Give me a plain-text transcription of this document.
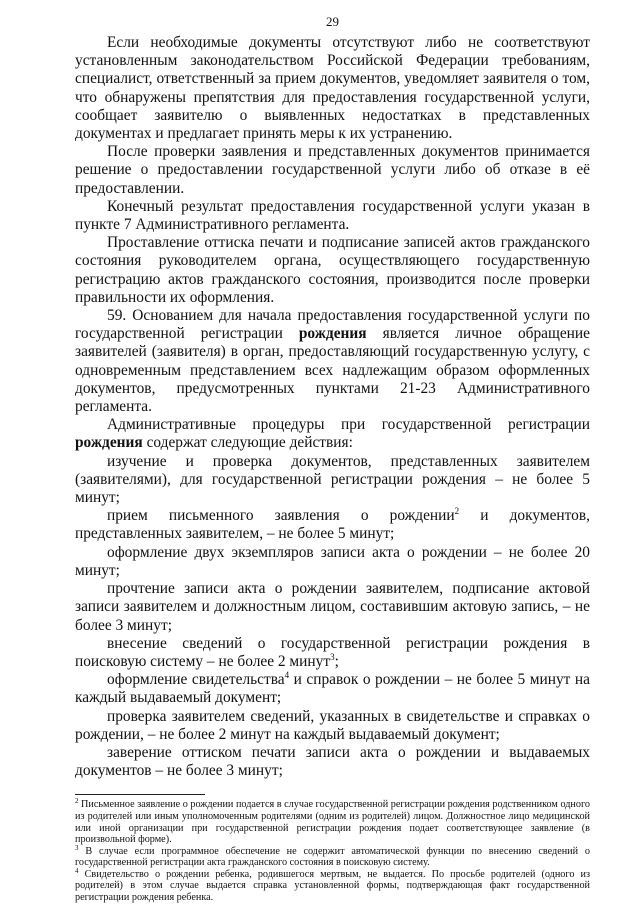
29

Если необходимые документы отсутствуют либо не соответствуют установленным законодательством Российской Федерации требованиям, специалист, ответственный за прием документов, уведомляет заявителя о том, что обнаружены препятствия для предоставления государственной услуги, сообщает заявителю о выявленных недостатках в представленных документах и предлагает принять меры к их устранению.

После проверки заявления и представленных документов принимается решение о предоставлении государственной услуги либо об отказе в её предоставлении.

Конечный результат предоставления государственной услуги указан в пункте 7 Административного регламента.

Проставление оттиска печати и подписание записей актов гражданского состояния руководителем органа, осуществляющего государственную регистрацию актов гражданского состояния, производится после проверки правильности их оформления.

59. Основанием для начала предоставления государственной услуги по государственной регистрации рождения является личное обращение заявителей (заявителя) в орган, предоставляющий государственную услугу, с одновременным представлением всех надлежащим образом оформленных документов, предусмотренных пунктами 21-23 Административного регламента.

Административные процедуры при государственной регистрации рождения содержат следующие действия:

изучение и проверка документов, представленных заявителем (заявителями), для государственной регистрации рождения – не более 5 минут;

прием письменного заявления о рождении$^2$ и документов, представленных заявителем, – не более 5 минут;

оформление двух экземпляров записи акта о рождении – не более 20 минут;

прочтение записи акта о рождении заявителем, подписание актовой записи заявителем и должностным лицом, составившим актовую запись, – не более 3 минут;

внесение сведений о государственной регистрации рождения в поисковую систему – не более 2 минут$^3$;

оформление свидетельства$^4$ и справок о рождении – не более 5 минут на каждый выдаваемый документ;

проверка заявителем сведений, указанных в свидетельстве и справках о рождении, – не более 2 минут на каждый выдаваемый документ;

заверение оттиском печати записи акта о рождении и выдаваемых документов – не более 3 минут;

$^2$ Письменное заявление о рождении подается в случае государственной регистрации рождения родственником одного из родителей или иным уполномоченным родителями (одним из родителей) лицом. Должностное лицо медицинской или иной организации при государственной регистрации рождения подает соответствующее заявление (в произвольной форме).

$^3$ В случае если программное обеспечение не содержит автоматической функции по внесению сведений о государственной регистрации акта гражданского состояния в поисковую систему.

$^4$ Свидетельство о рождении ребенка, родившегося мертвым, не выдается. По просьбе родителей (одного из родителей) в этом случае выдается справка установленной формы, подтверждающая факт государственной регистрации рождения ребенка.
